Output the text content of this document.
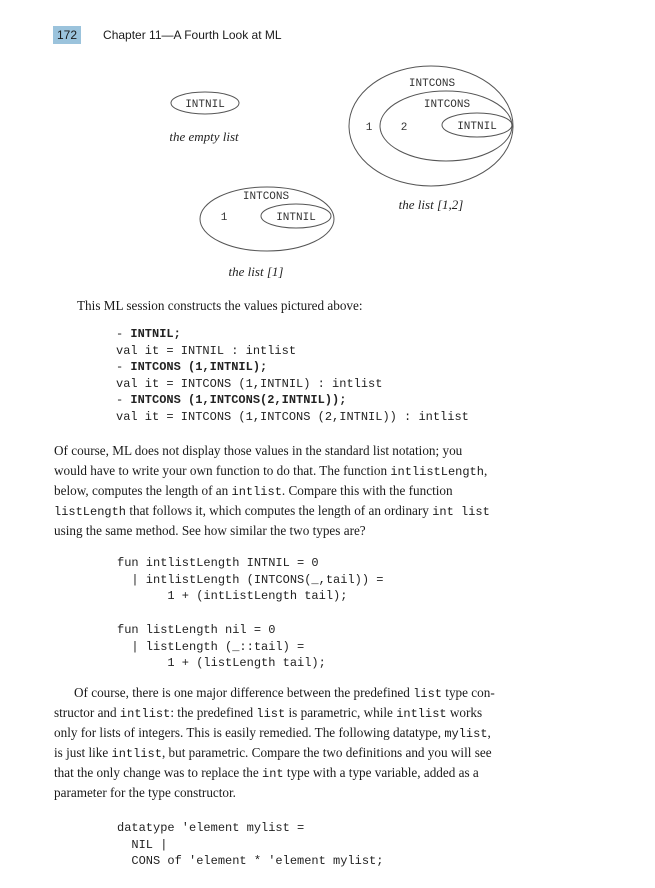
172	Chapter 11—A Fourth Look at ML
INTNIL
the empty list
INTCONS
1	INTNIL
the list [1]
INTCONS
1
INTCONS
2	INTNIL
the list [1,2]

This ML session constructs the values pictured above:

- INTNIL;
val it = INTNIL : intlist
- INTCONS (1,INTNIL);
val it = INTCONS (1,INTNIL) : intlist
- INTCONS (1,INTCONS(2,INTNIL));
val it = INTCONS (1,INTCONS (2,INTNIL)) : intlist

Of course, ML does not display those values in the standard list notation; you

would have to write your own function to do that. The function intlistLength,

below, computes the length of an intlist. Compare this with the function

listLength that follows it, which computes the length of an ordinary int list

using the same method. See how similar the two types are?

fun intlistLength INTNIL = 0
| intlistLength (INTCONS(_,tail)) =
1 + (intListLength tail);
fun listLength nil = 0
| listLength (_::tail) =
1 + (listLength tail);

Of course, there is one major difference between the predefined list type con-

structor and intlist: the predefined list is parametric, while intlist works

only for lists of integers. This is easily remedied. The following datatype, mylist,

is just like intlist, but parametric. Compare the two definitions and you will see

that the only change was to replace the int type with a type variable, added as a

parameter for the type constructor.

datatype 'element mylist =
NIL |
CONS of 'element * 'element mylist;
